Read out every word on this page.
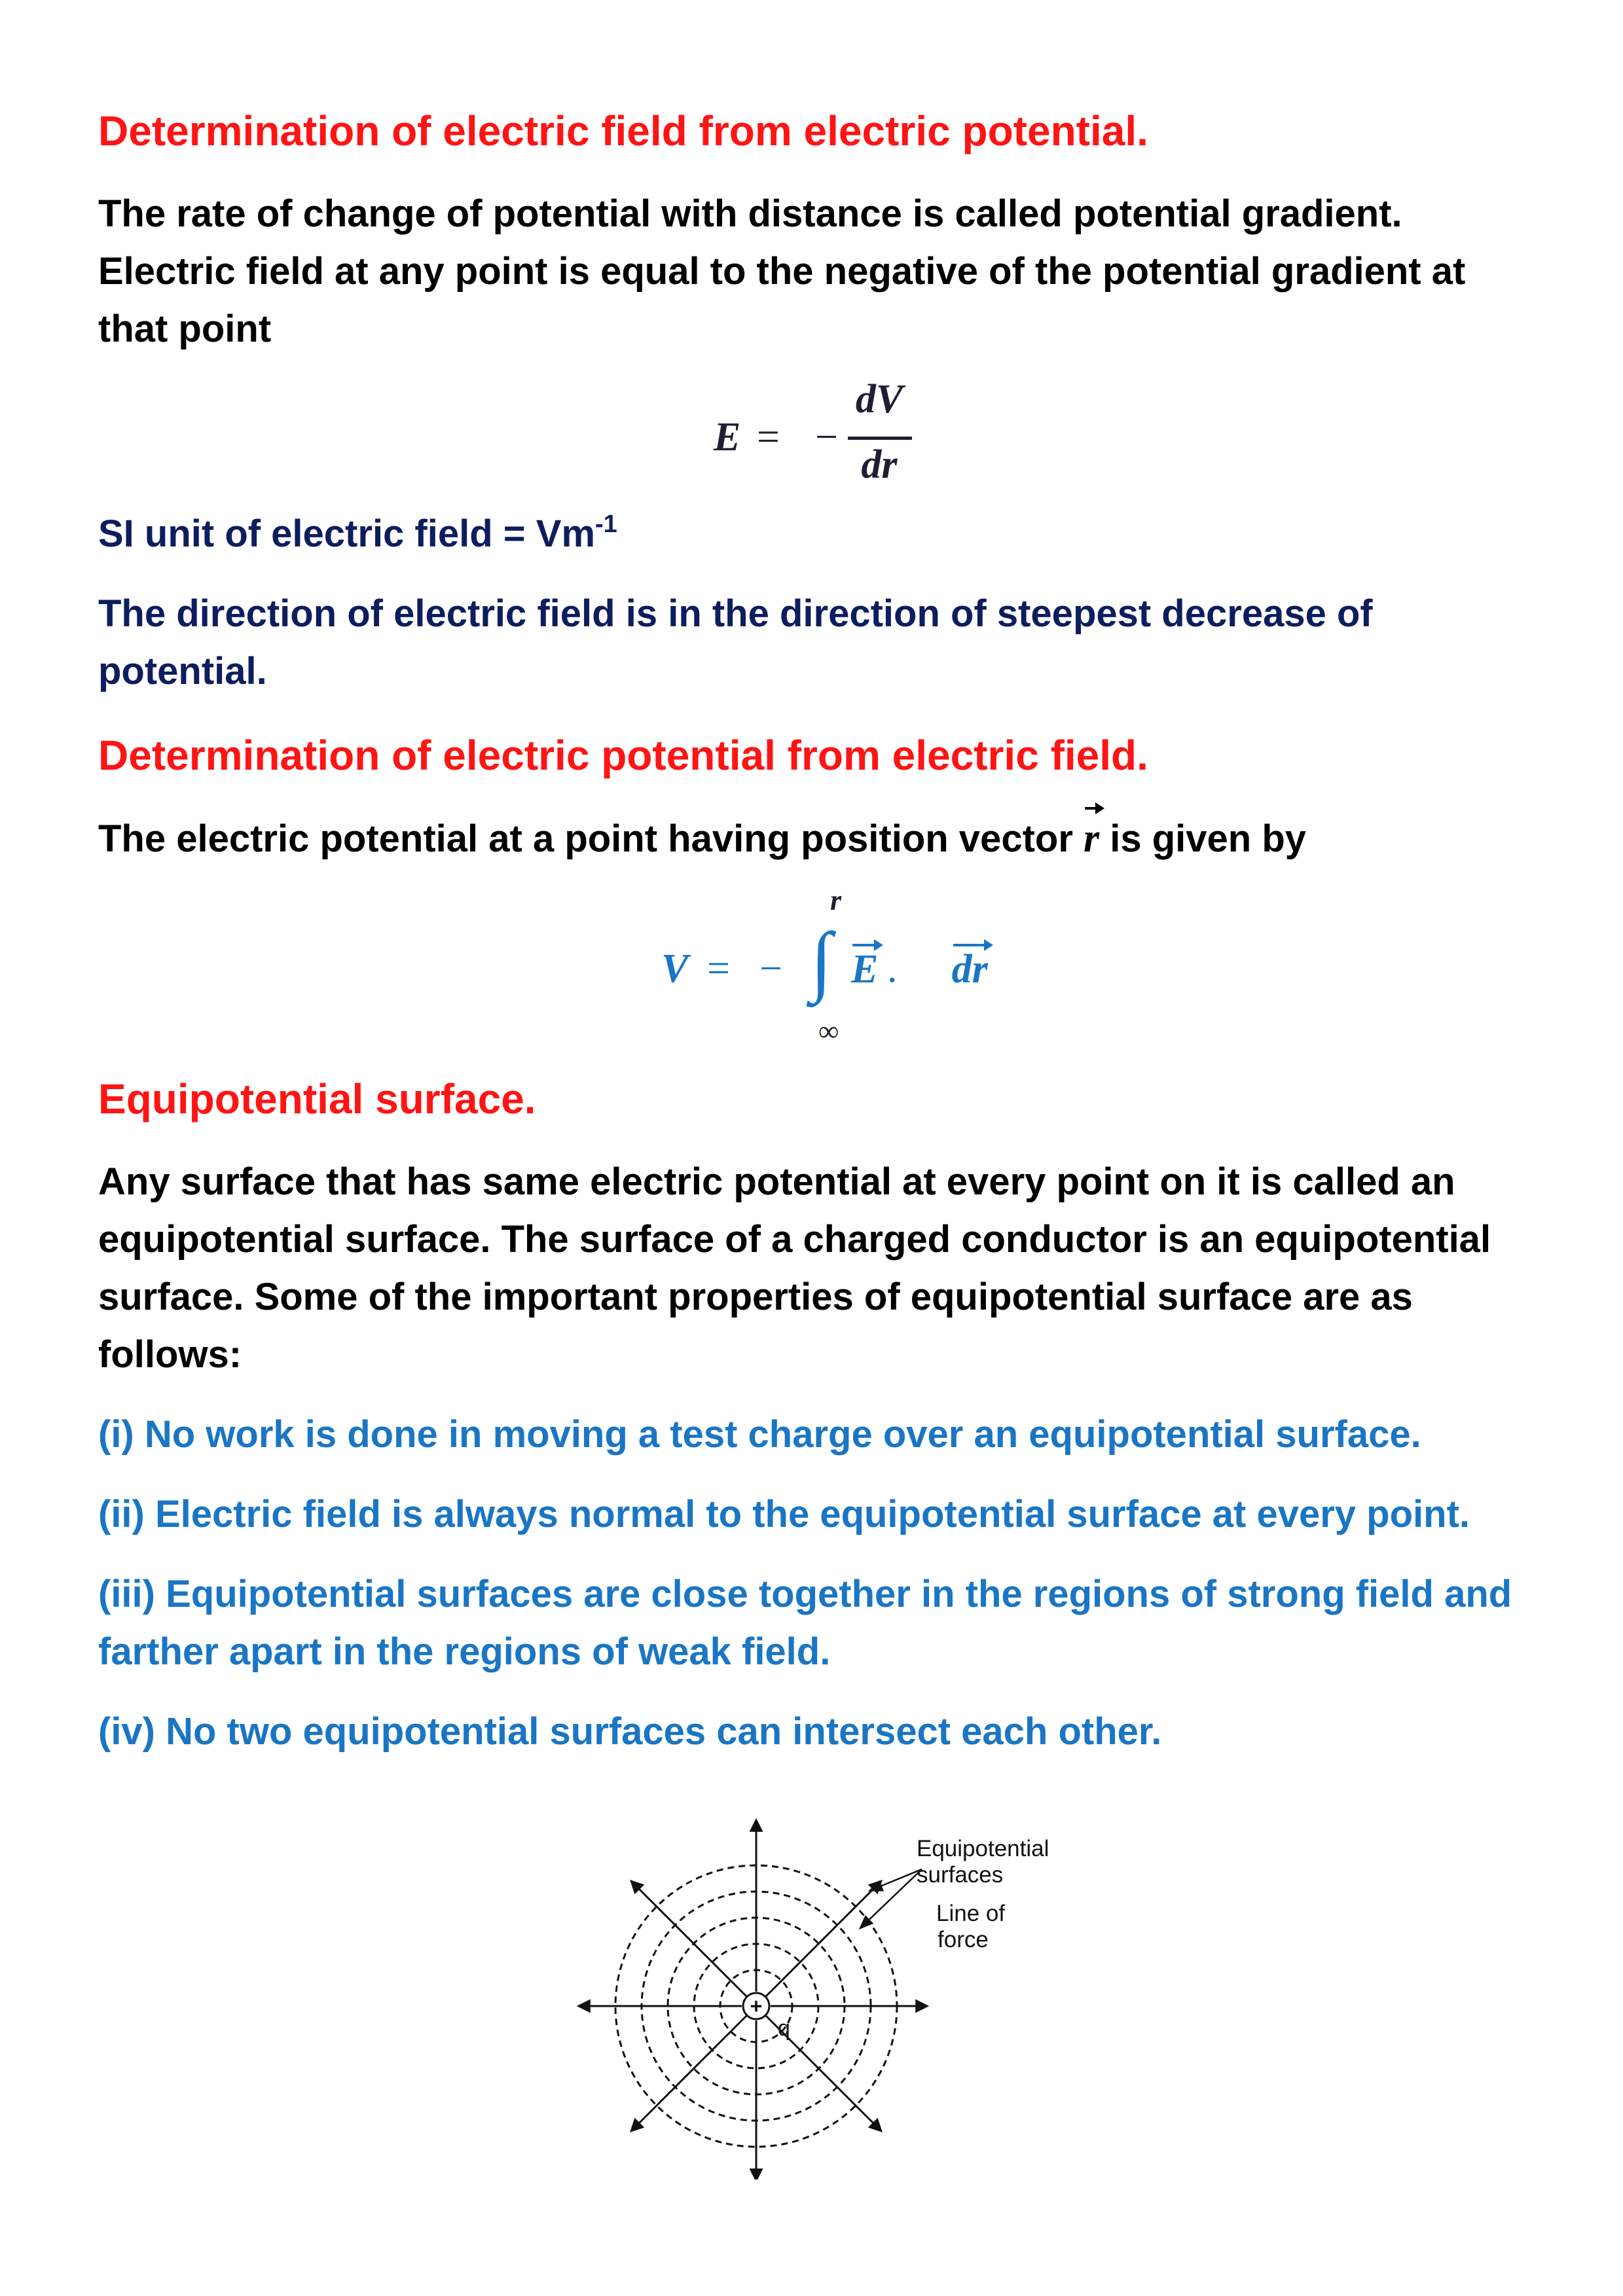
Determination of electric field from electric potential.
The rate of change of potential with distance is called potential gradient.
Electric field at any point is equal to the negative of the potential gradient at
that point
E = −
dV
dr
SI unit of electric field = $Vm^{-1}$
The direction of electric field is in the direction of steepest decrease of
potential.
Determination of electric potential from electric field.
The electric potential at a point having position vector r is given by
V = −
r
∫
∞
E . dr
Equipotential surface.
Any surface that has same electric potential at every point on it is called an
equipotential surface. The surface of a charged conductor is an equipotential
surface. Some of the important properties of equipotential surface are as
follows:
(i) No work is done in moving a test charge over an equipotential surface.
(ii) Electric field is always normal to the equipotential surface at every point.
(iii) Equipotential surfaces are close together in the regions of strong field and
farther apart in the regions of weak field.
(iv) No two equipotential surfaces can intersect each other.
+
q
Equipotential
surfaces
Line of
force
